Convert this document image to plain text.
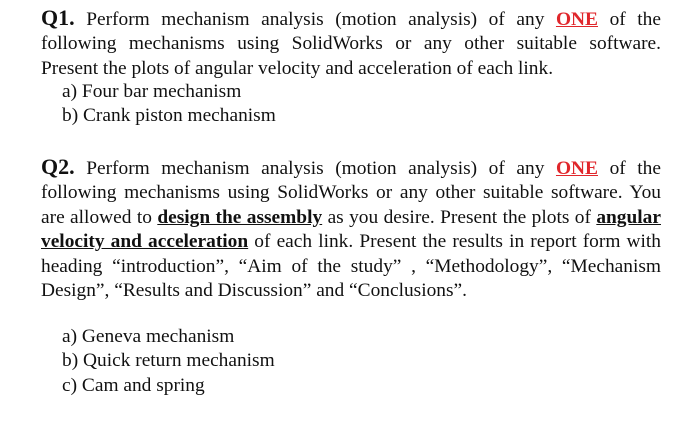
Q1. Perform mechanism analysis (motion analysis) of any ONE of the following mechanisms using SolidWorks or any other suitable software. Present the plots of angular velocity and acceleration of each link.

a) Four bar mechanism
b) Crank piston mechanism

Q2. Perform mechanism analysis (motion analysis) of any ONE of the following mechanisms using SolidWorks or any other suitable software. You are allowed to design the assembly as you desire. Present the plots of angular velocity and acceleration of each link. Present the results in report form with heading “introduction”, “Aim of the study” , “Methodology”, “Mechanism Design”, “Results and Discussion” and “Conclusions”.

a) Geneva mechanism
b) Quick return mechanism
c) Cam and spring
